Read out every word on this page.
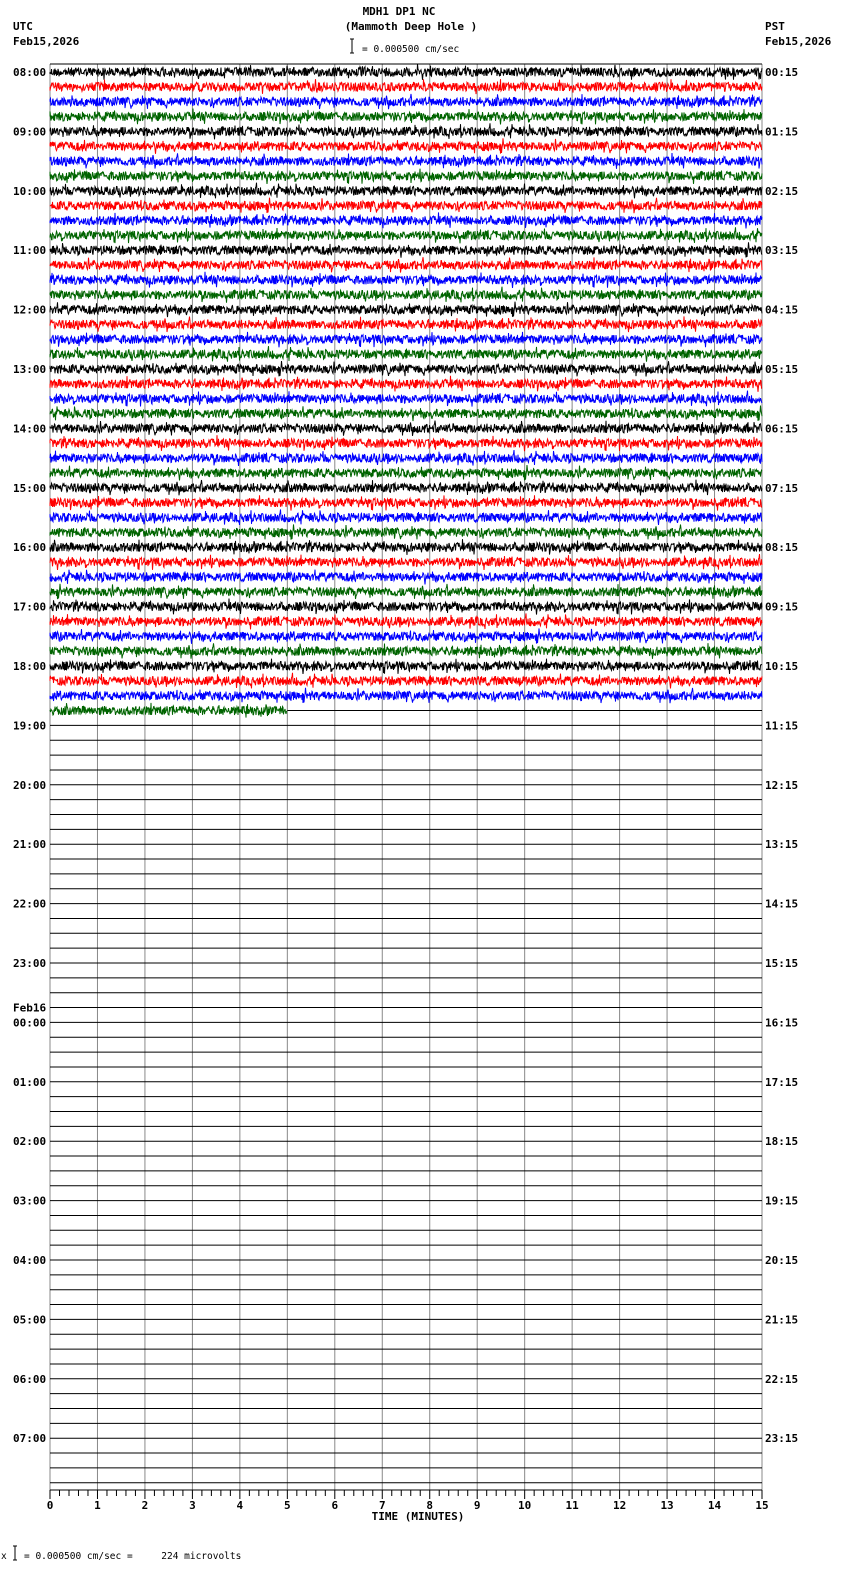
MDH1 DP1 NC
(Mammoth Deep Hole )
UTC
Feb15,2026
PST
Feb15,2026
= 0.000500 cm/sec
08:00
09:00
10:00
11:00
12:00
13:00
14:00
15:00
16:00
17:00
18:00
19:00
20:00
21:00
22:00
23:00
00:00
Feb16
01:00
02:00
03:00
04:00
05:00
06:00
07:00
00:15
01:15
02:15
03:15
04:15
05:15
06:15
07:15
08:15
09:15
10:15
11:15
12:15
13:15
14:15
15:15
16:15
17:15
18:15
19:15
20:15
21:15
22:15
23:15
0	1	2	3	4	5	6	7	8	9	10	11	12	13	14	15
TIME (MINUTES)
x = 0.000500 cm/sec =     224 microvolts
